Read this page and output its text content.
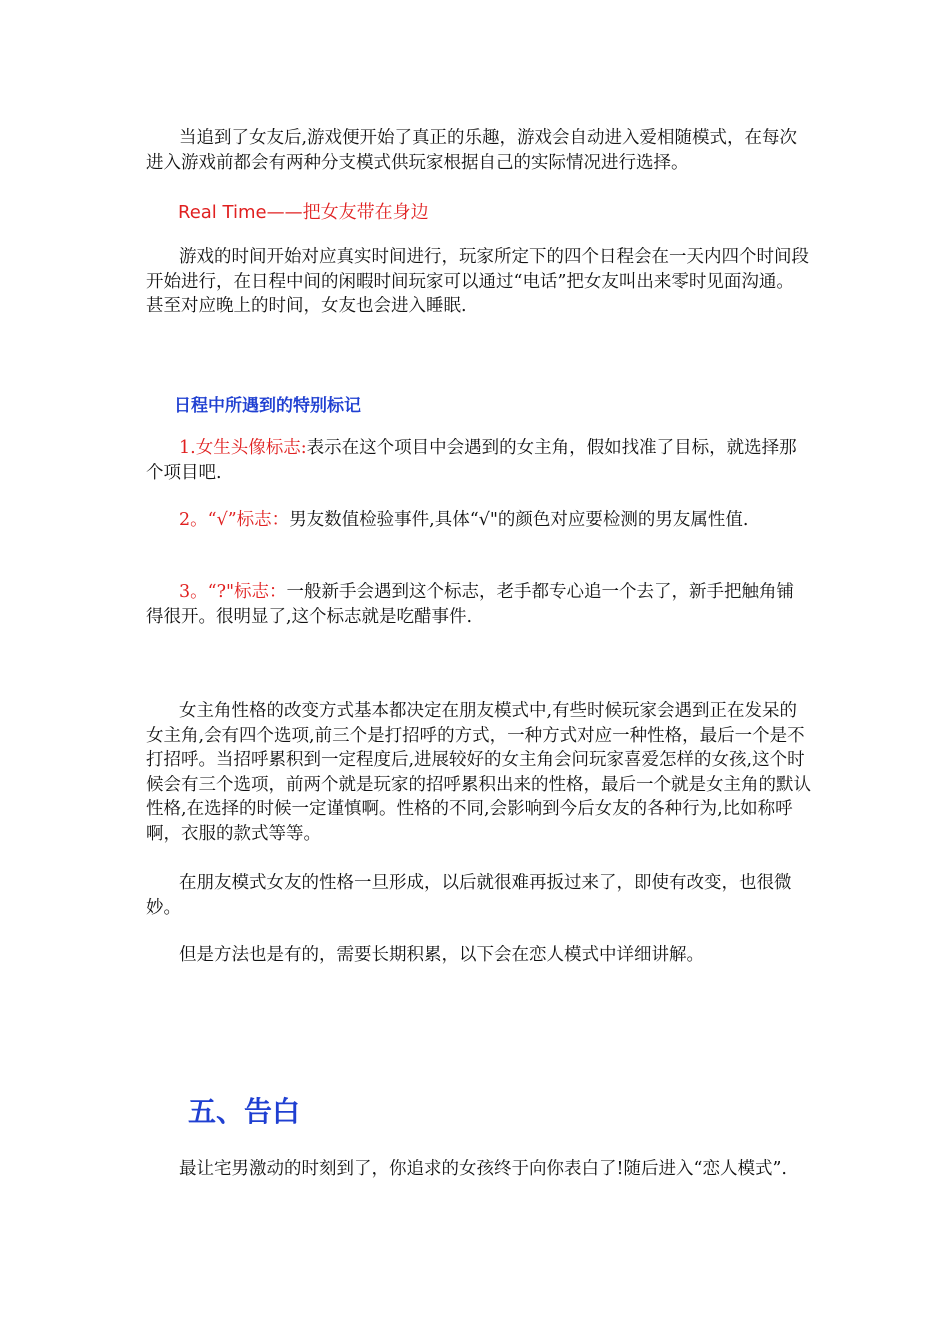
当追到了女友后,游戏便开始了真正的乐趣，游戏会自动进入爱相随模式，在每次进入游戏前都会有两种分支模式供玩家根据自己的实际情况进行选择。

Real Time——把女友带在身边

游戏的时间开始对应真实时间进行，玩家所定下的四个日程会在一天内四个时间段开始进行，在日程中间的闲暇时间玩家可以通过“电话”把女友叫出来零时见面沟通。甚至对应晚上的时间，女友也会进入睡眠.

日程中所遇到的特别标记

1.女生头像标志:表示在这个项目中会遇到的女主角，假如找准了目标，就选择那个项目吧.

2。“√”标志：男友数值检验事件,具体“√"的颜色对应要检测的男友属性值.

3。“?"标志：一般新手会遇到这个标志，老手都专心追一个去了，新手把触角铺得很开。很明显了,这个标志就是吃醋事件.

女主角性格的改变方式基本都决定在朋友模式中,有些时候玩家会遇到正在发呆的女主角,会有四个选项,前三个是打招呼的方式，一种方式对应一种性格，最后一个是不打招呼。当招呼累积到一定程度后,进展较好的女主角会问玩家喜爱怎样的女孩,这个时候会有三个选项，前两个就是玩家的招呼累积出来的性格，最后一个就是女主角的默认性格,在选择的时候一定谨慎啊。性格的不同,会影响到今后女友的各种行为,比如称呼啊，衣服的款式等等。

在朋友模式女友的性格一旦形成，以后就很难再扳过来了，即使有改变，也很微妙。

但是方法也是有的，需要长期积累，以下会在恋人模式中详细讲解。

五、告白

最让宅男激动的时刻到了，你追求的女孩终于向你表白了!随后进入“恋人模式”.
